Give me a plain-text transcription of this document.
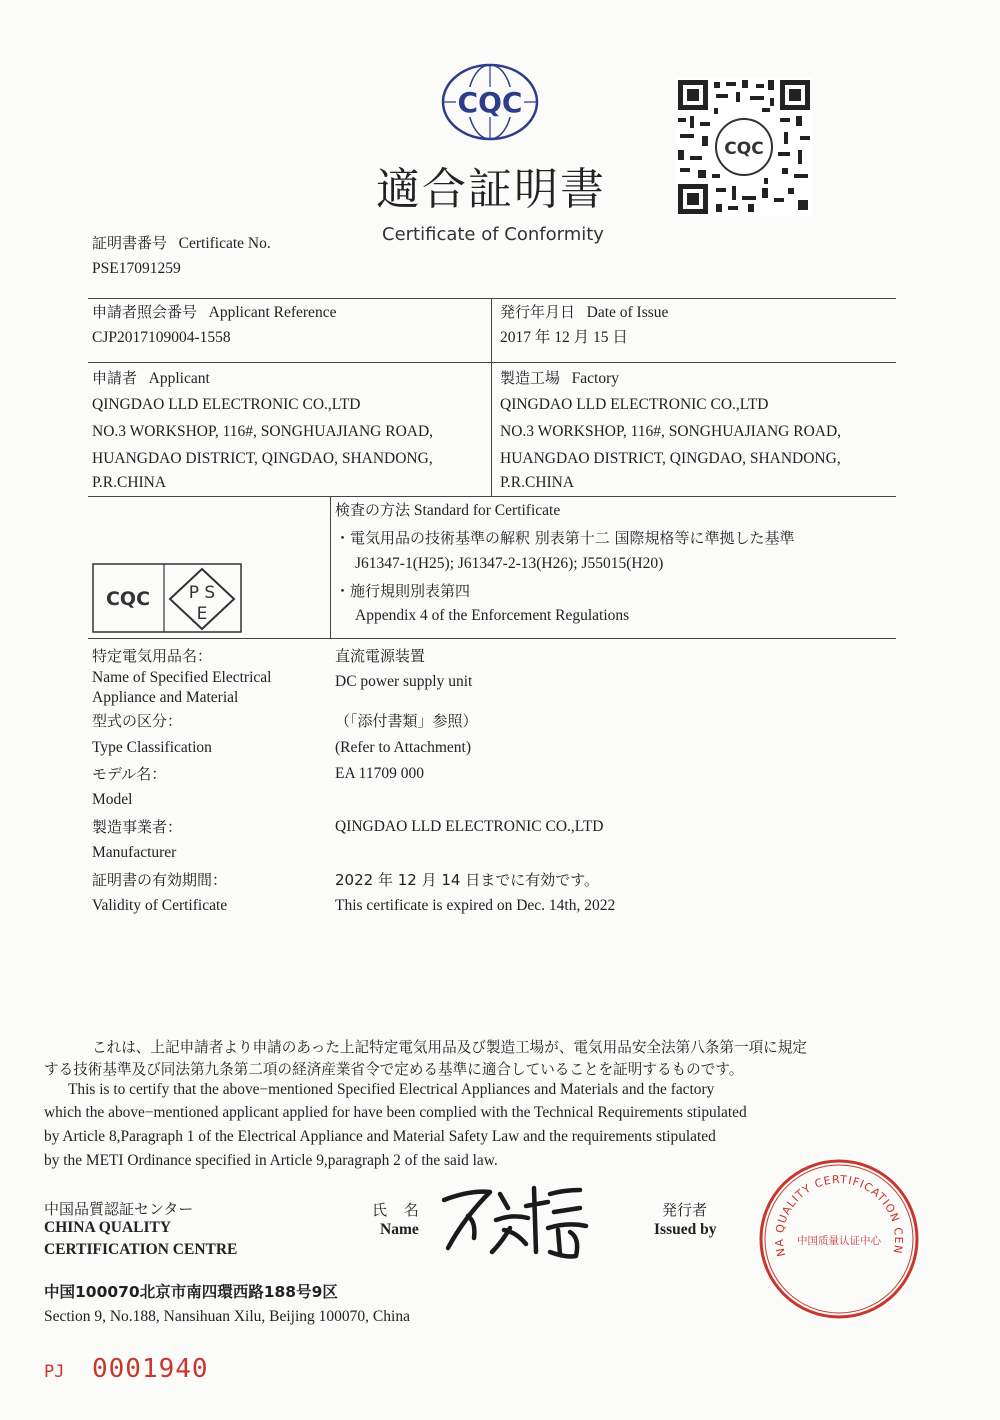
CQC
CQC
適合証明書
Certificate of Conformity
証明書番号 Certificate No.
PSE17091259
申請者照会番号 Applicant Reference
CJP2017109004-1558
発行年月日 Date of Issue
2017 年 12 月 15 日
申請者 Applicant
QINGDAO LLD ELECTRONIC CO.,LTD
NO.3 WORKSHOP, 116#, SONGHUAJIANG ROAD,
HUANGDAO DISTRICT, QINGDAO, SHANDONG,
P.R.CHINA
製造工場 Factory
QINGDAO LLD ELECTRONIC CO.,LTD
NO.3 WORKSHOP, 116#, SONGHUAJIANG ROAD,
HUANGDAO DISTRICT, QINGDAO, SHANDONG,
P.R.CHINA
CQC P S
E
検査の方法 Standard for Certificate
・電気用品の技術基準の解釈 別表第十二 国際規格等に準拠した基準
J61347-1(H25); J61347-2-13(H26); J55015(H20)
・施行規則別表第四
Appendix 4 of the Enforcement Regulations
特定電気用品名：
Name of Specified Electrical
Appliance and Material
直流電源装置
DC power supply unit
型式の区分：
Type Classification
（「添付書類」参照）
(Refer to Attachment)
モデル名：
Model
EA 11709 000
製造事業者：
Manufacturer
QINGDAO LLD ELECTRONIC CO.,LTD
証明書の有効期間：
Validity of Certificate
2022 年 12 月 14 日までに有効です。
This certificate is expired on Dec. 14th, 2022
これは、上記申請者より申請のあった上記特定電気用品及び製造工場が、電気用品安全法第八条第一項に規定
する技術基準及び同法第九条第二項の経済産業省令で定める基準に適合していることを証明するものです。
This is to certify that the above−mentioned Specified Electrical Appliances and Materials and the factory
which the above−mentioned applicant applied for have been complied with the Technical Requirements stipulated
by Article 8,Paragraph 1 of the Electrical Appliance and Material Safety Law and the requirements stipulated
by the METI Ordinance specified in Article 9,paragraph 2 of the said law.
中国品質認証センター
CHINA QUALITY
CERTIFICATION CENTRE
氏 名
Name
発行者
Issued by
NA QUALITY CERTIFICATION CEN
中国质量认证中心
中国100070北京市南四環西路188号9区
Section 9, No.188, Nansihuan Xilu, Beijing 100070, China
PJ 0001940
